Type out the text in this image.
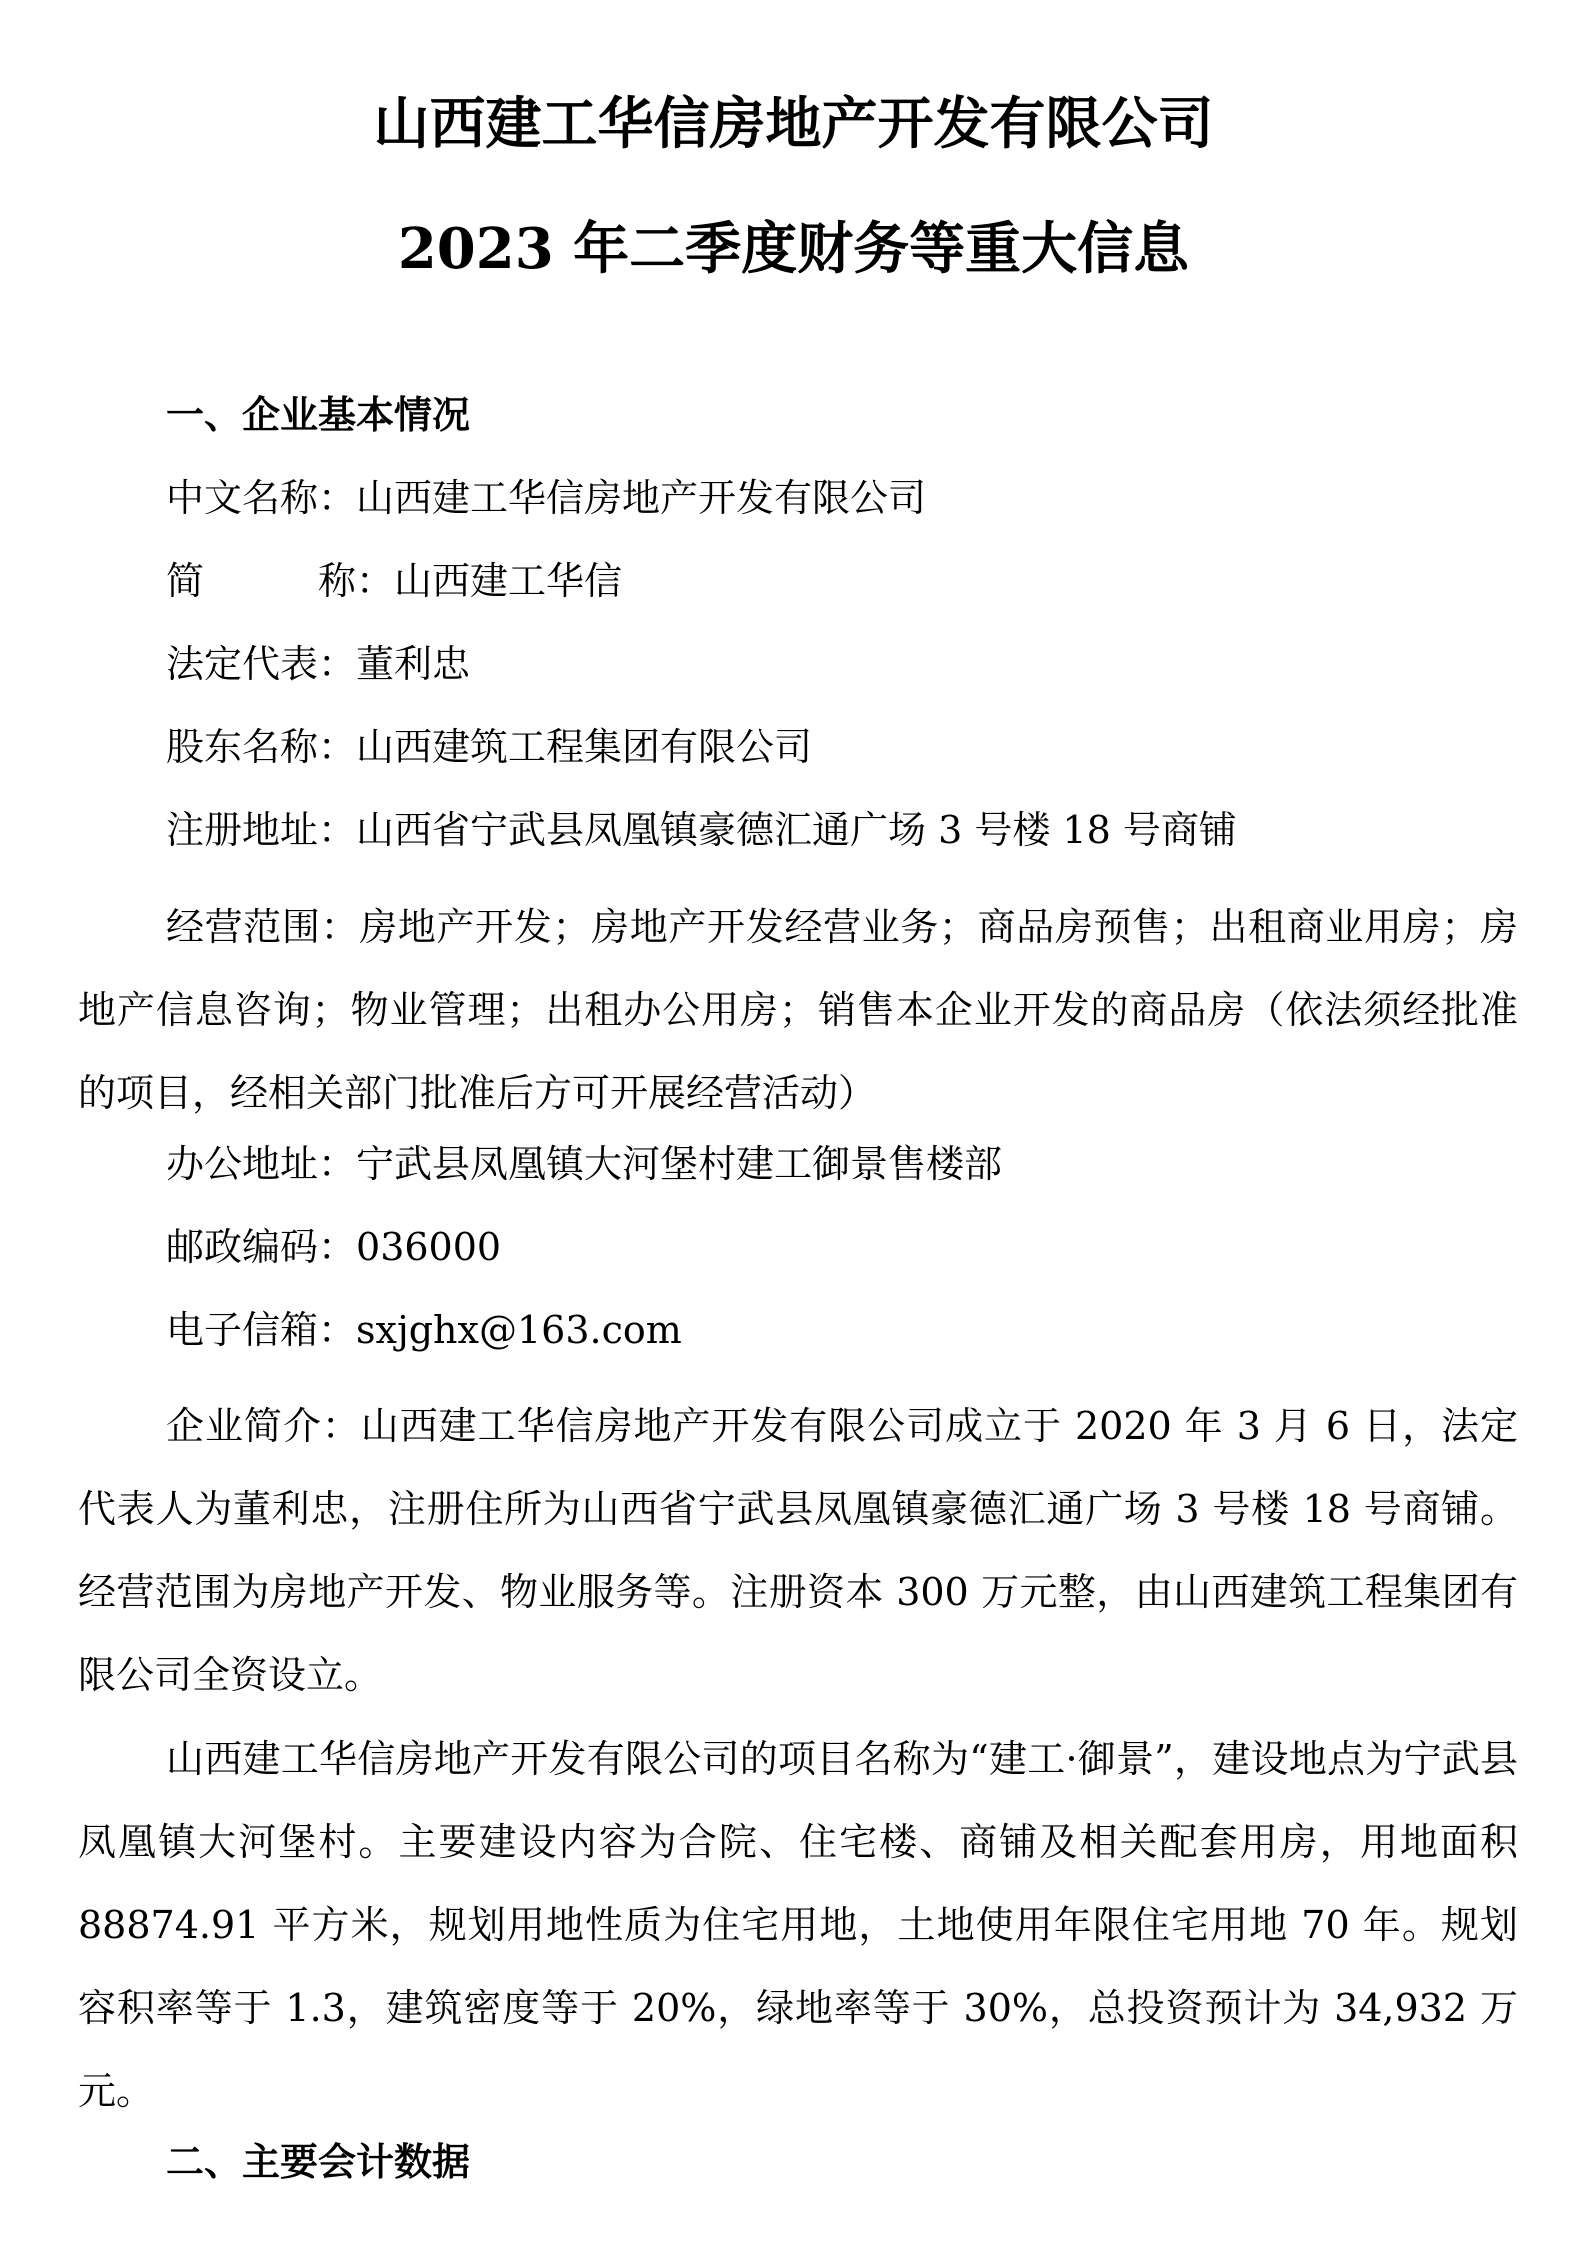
山西建工华信房地产开发有限公司
2023 年二季度财务等重大信息
一、企业基本情况

中文名称：山西建工华信房地产开发有限公司

简	称：山西建工华信

法定代表：董利忠

股东名称：山西建筑工程集团有限公司

注册地址：山西省宁武县凤凰镇豪德汇通广场 3 号楼 18 号商铺

经营范围：房地产开发；房地产开发经营业务；商品房预售；出租商业用房；房地产信息咨询；物业管理；出租办公用房；销售本企业开发的商品房（依法须经批准的项目，经相关部门批准后方可开展经营活动）

办公地址：宁武县凤凰镇大河堡村建工御景售楼部

邮政编码：036000

电子信箱：sxjghx@163.com

企业简介：山西建工华信房地产开发有限公司成立于 2020 年 3 月 6 日，法定代表人为董利忠，注册住所为山西省宁武县凤凰镇豪德汇通广场 3 号楼 18 号商铺。经营范围为房地产开发、物业服务等。注册资本 300 万元整，由山西建筑工程集团有限公司全资设立。

山西建工华信房地产开发有限公司的项目名称为“建工·御景”，建设地点为宁武县凤凰镇大河堡村。主要建设内容为合院、住宅楼、商铺及相关配套用房，用地面积 88874.91 平方米，规划用地性质为住宅用地，土地使用年限住宅用地 70 年。规划容积率等于 1.3，建筑密度等于 20%，绿地率等于 30%，总投资预计为 34,932 万元。

二、主要会计数据
